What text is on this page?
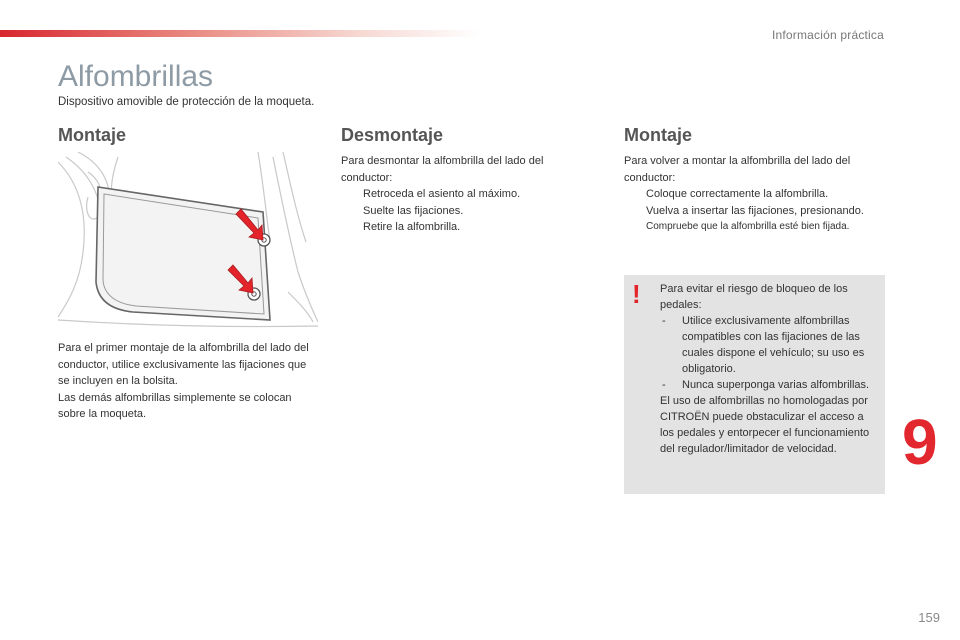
Información práctica
Alfombrillas

Dispositivo amovible de protección de la moqueta.

Montaje

Para el primer montaje de la alfombrilla del lado del conductor, utilice exclusivamente las fijaciones que se incluyen en la bolsita.

Las demás alfombrillas simplemente se colocan sobre la moqueta.

Desmontaje

Para desmontar la alfombrilla del lado del conductor:

Retroceda el asiento al máximo.
Suelte las fijaciones.
Retire la alfombrilla.
Montaje

Para volver a montar la alfombrilla del lado del conductor:

Coloque correctamente la alfombrilla.
Vuelva a insertar las fijaciones, presionando.
Compruebe que la alfombrilla esté bien fijada.
! Para evitar el riesgo de bloqueo de los pedales:

- Utilice exclusivamente alfombrillas compatibles con las fijaciones de las cuales dispone el vehículo; su uso es obligatorio.
- Nunca superponga varias alfombrillas.

El uso de alfombrillas no homologadas por CITROËN puede obstaculizar el acceso a los pedales y entorpecer el funcionamiento del regulador/limitador de velocidad.	9
159
